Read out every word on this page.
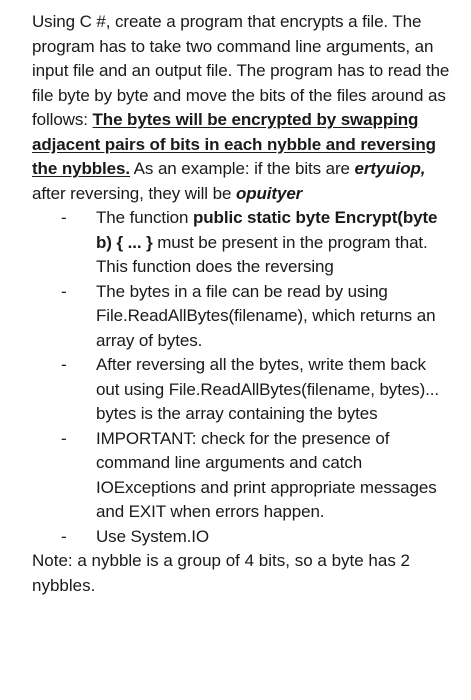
Using C #, create a program that encrypts a file. The program has to take two command line arguments, an input file and an output file. The program has to read the file byte by byte and move the bits of the files around as follows: The bytes will be encrypted by swapping adjacent pairs of bits in each nybble and reversing the nybbles. As an example: if the bits are ertyuiop, after reversing, they will be opuityer

- The function public static byte Encrypt(byte b) { ... } must be present in the program that. This function does the reversing
- The bytes in a file can be read by using File.ReadAllBytes(filename), which returns an array of bytes.
- After reversing all the bytes, write them back out using File.ReadAllBytes(filename, bytes)... bytes is the array containing the bytes
- IMPORTANT: check for the presence of command line arguments and catch IOExceptions and print appropriate messages and EXIT when errors happen.
- Use System.IO

Note: a nybble is a group of 4 bits, so a byte has 2 nybbles.
